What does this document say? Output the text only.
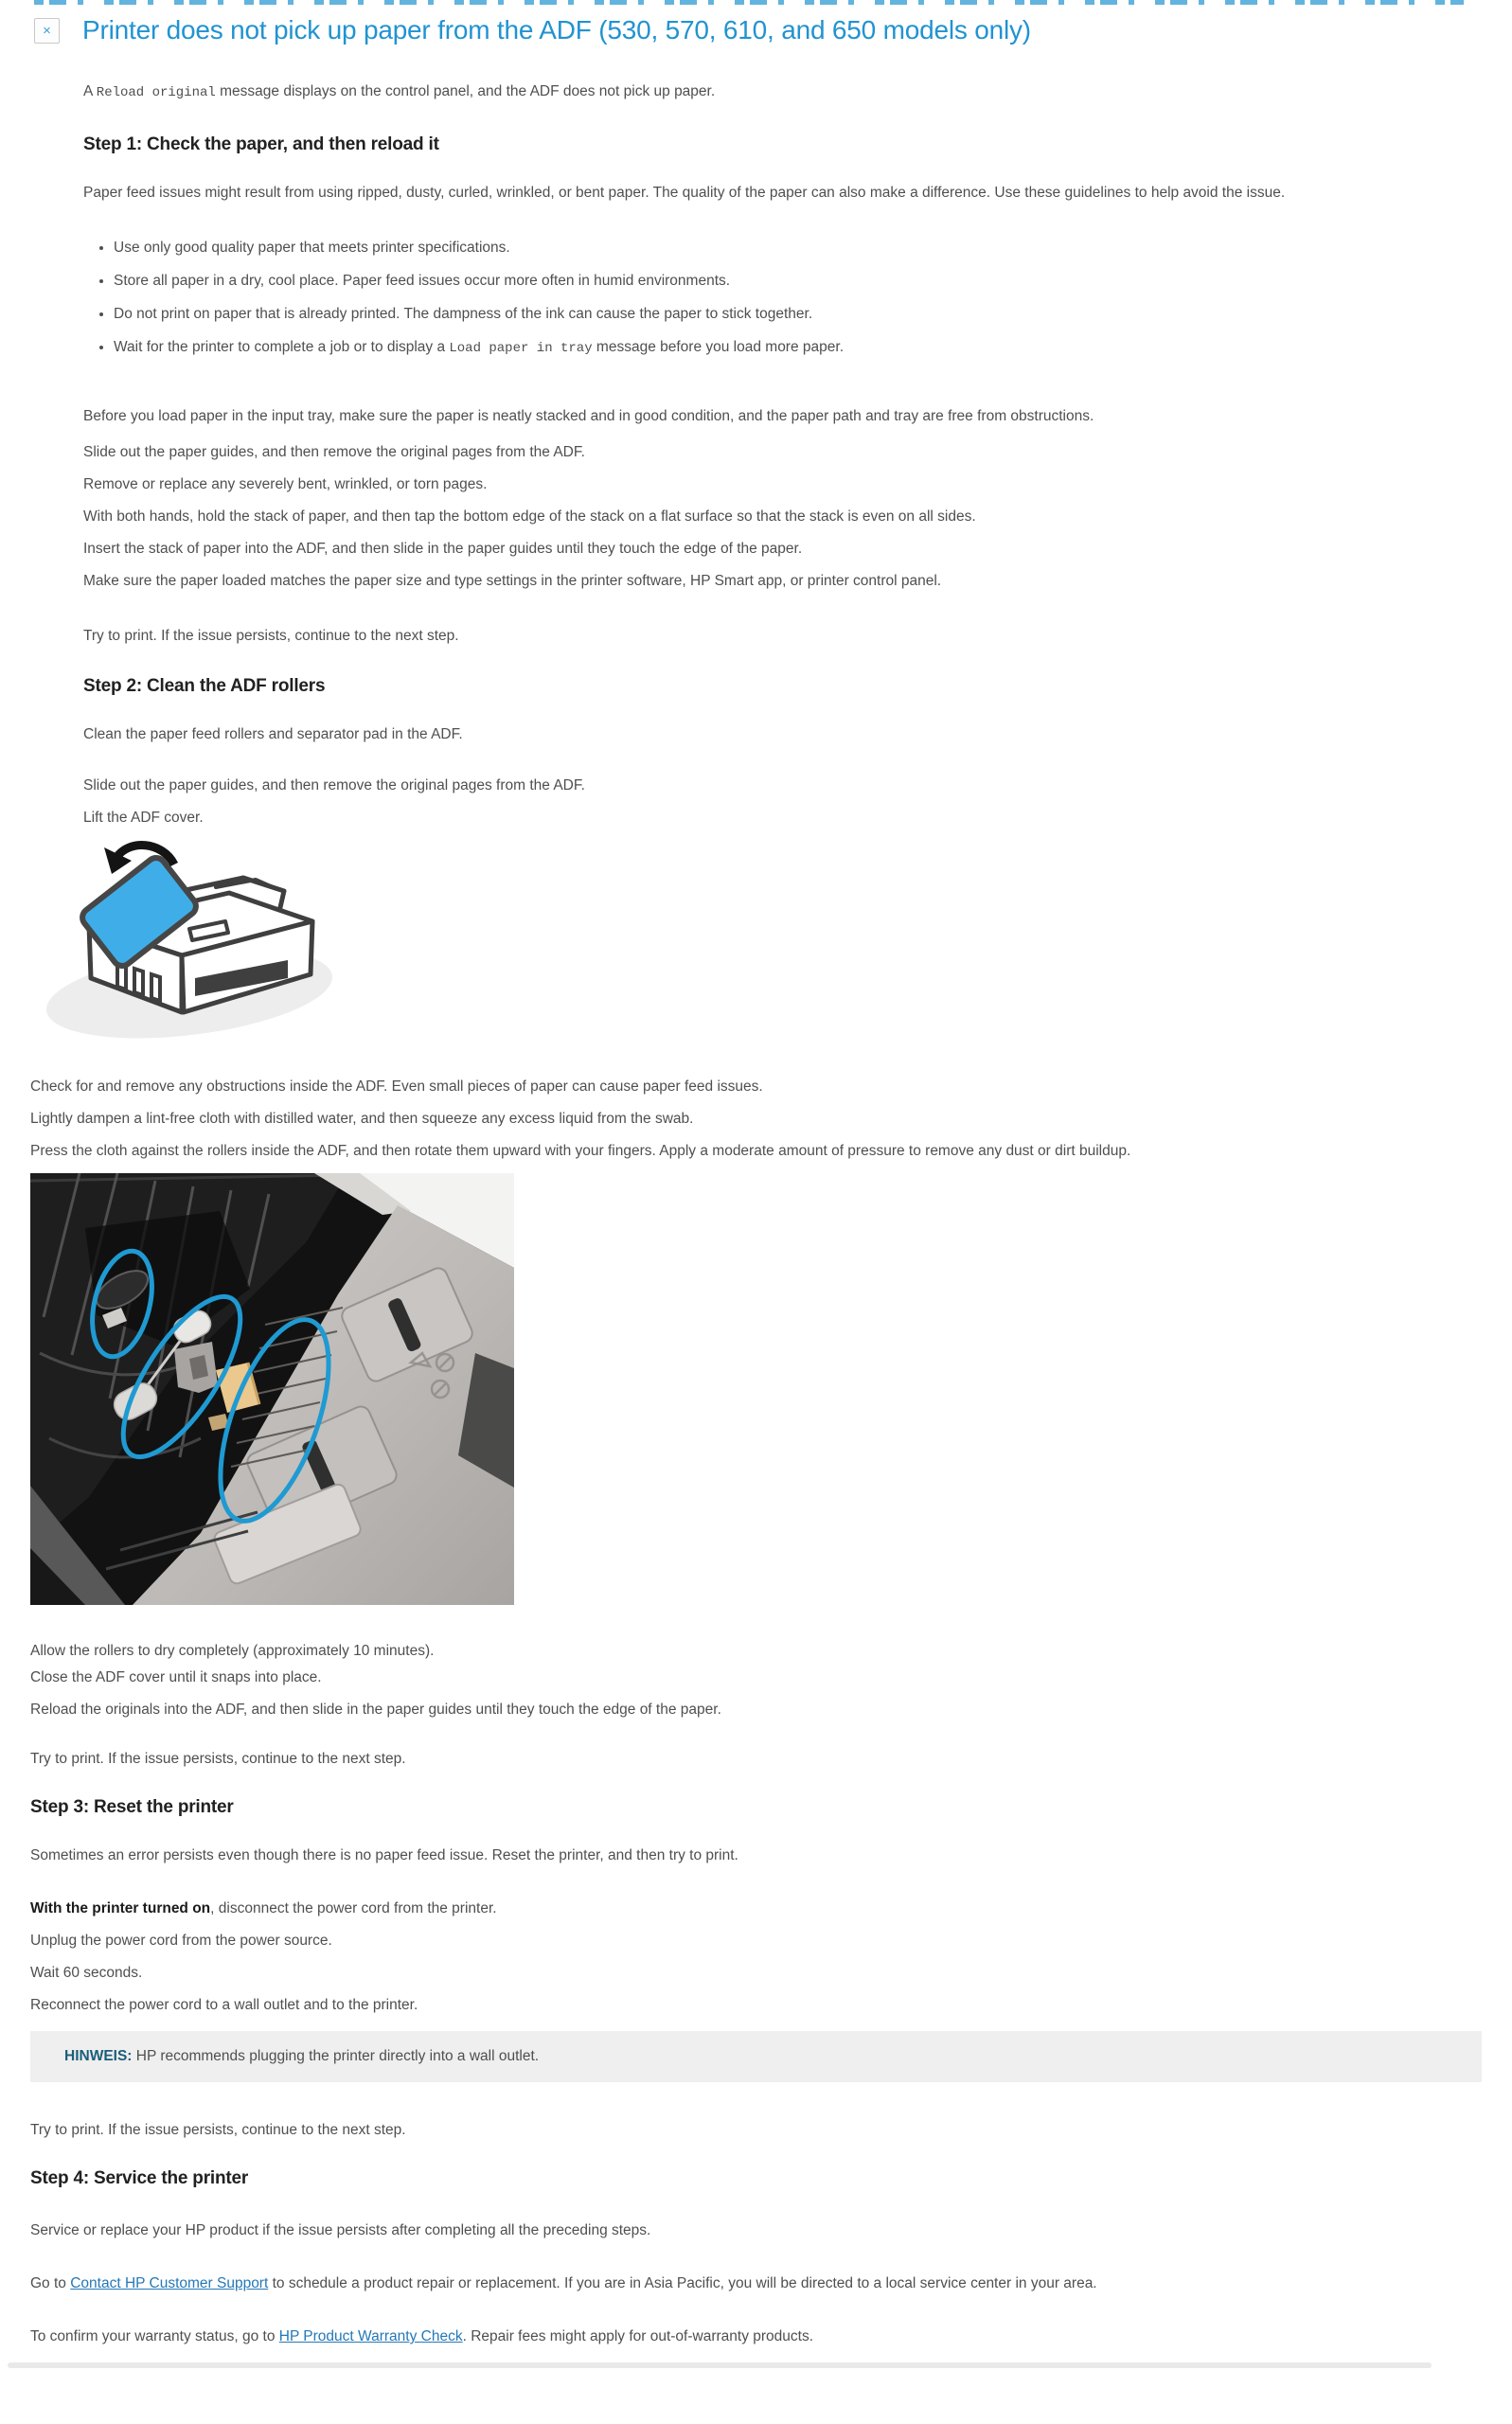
×	Printer does not pick up paper from the ADF (530, 570, 610, and 650 models only)

A Reload original message displays on the control panel, and the ADF does not pick up paper.

Step 1: Check the paper, and then reload it

Paper feed issues might result from using ripped, dusty, curled, wrinkled, or bent paper. The quality of the paper can also make a difference. Use these guidelines to help avoid the issue.

• Use only good quality paper that meets printer specifications.
• Store all paper in a dry, cool place. Paper feed issues occur more often in humid environments.
• Do not print on paper that is already printed. The dampness of the ink can cause the paper to stick together.
• Wait for the printer to complete a job or to display a Load paper in tray message before you load more paper.

Before you load paper in the input tray, make sure the paper is neatly stacked and in good condition, and the paper path and tray are free from obstructions.

Slide out the paper guides, and then remove the original pages from the ADF.

Remove or replace any severely bent, wrinkled, or torn pages.

With both hands, hold the stack of paper, and then tap the bottom edge of the stack on a flat surface so that the stack is even on all sides.

Insert the stack of paper into the ADF, and then slide in the paper guides until they touch the edge of the paper.

Make sure the paper loaded matches the paper size and type settings in the printer software, HP Smart app, or printer control panel.

Try to print. If the issue persists, continue to the next step.

Step 2: Clean the ADF rollers

Clean the paper feed rollers and separator pad in the ADF.

Slide out the paper guides, and then remove the original pages from the ADF.

Lift the ADF cover.

Check for and remove any obstructions inside the ADF. Even small pieces of paper can cause paper feed issues.

Lightly dampen a lint-free cloth with distilled water, and then squeeze any excess liquid from the swab.

Press the cloth against the rollers inside the ADF, and then rotate them upward with your fingers. Apply a moderate amount of pressure to remove any dust or dirt buildup.

Allow the rollers to dry completely (approximately 10 minutes).

Close the ADF cover until it snaps into place.

Reload the originals into the ADF, and then slide in the paper guides until they touch the edge of the paper.

Try to print. If the issue persists, continue to the next step.

Step 3: Reset the printer

Sometimes an error persists even though there is no paper feed issue. Reset the printer, and then try to print.

With the printer turned on, disconnect the power cord from the printer.

Unplug the power cord from the power source.

Wait 60 seconds.

Reconnect the power cord to a wall outlet and to the printer.

HINWEIS: HP recommends plugging the printer directly into a wall outlet.

Try to print. If the issue persists, continue to the next step.

Step 4: Service the printer

Service or replace your HP product if the issue persists after completing all the preceding steps.

Go to Contact HP Customer Support to schedule a product repair or replacement. If you are in Asia Pacific, you will be directed to a local service center in your area.

To confirm your warranty status, go to HP Product Warranty Check. Repair fees might apply for out-of-warranty products.
